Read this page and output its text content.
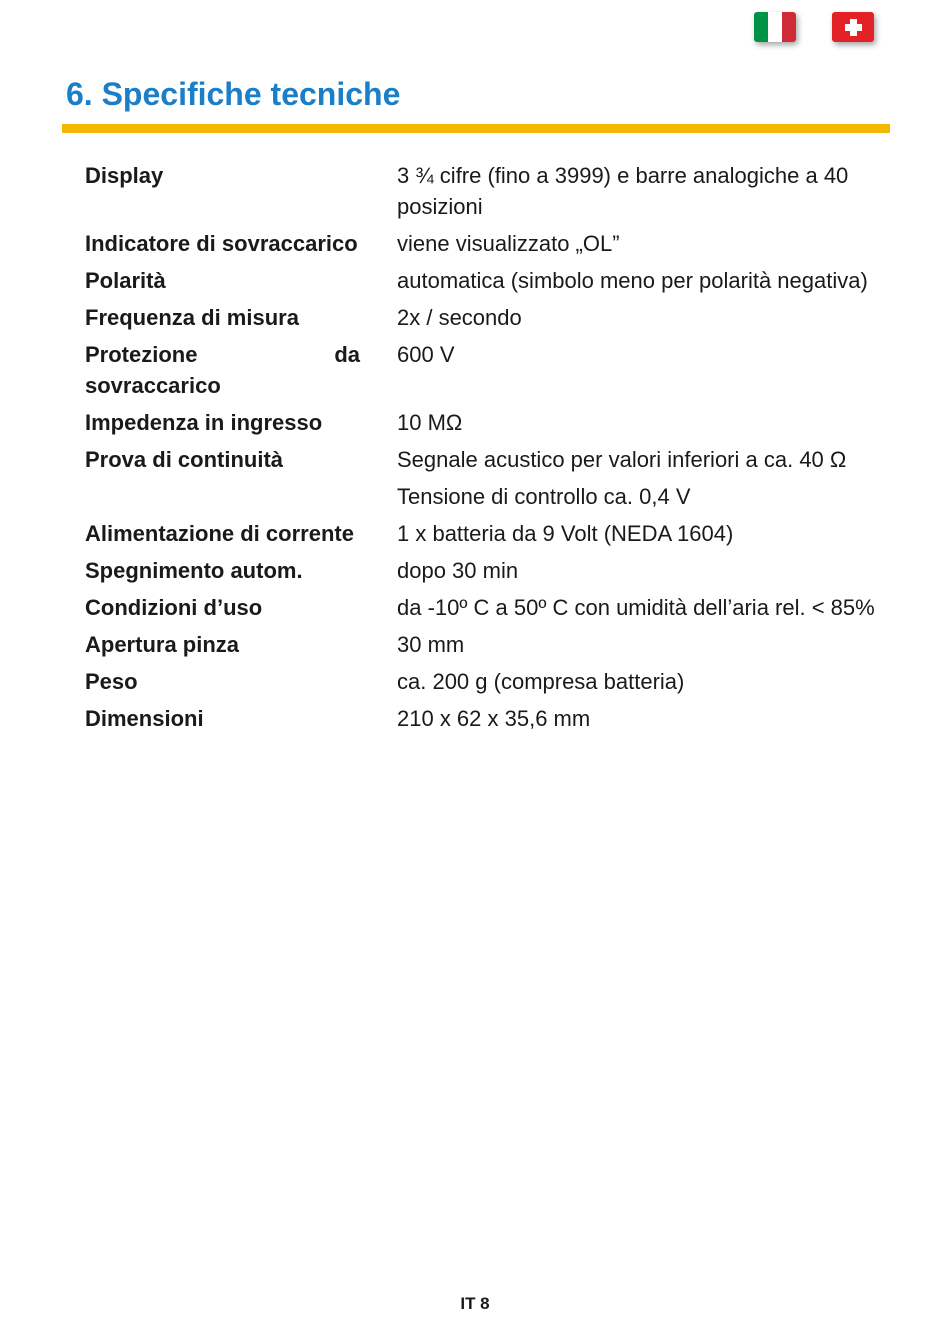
6. Specifiche tecniche
Display	3 ¾ cifre (fino a 3999) e barre analogiche a 40 posizioni
Indicatore di sovraccarico	viene visualizzato „OL”
Polarità	automatica (simbolo meno per polarità negativa)
Frequenza di misura	2x / secondo
Protezione da sovraccarico	600 V
Impedenza in ingresso	10 MΩ
Prova di continuità	Segnale acustico per valori inferiori a ca. 40 Ω
	Tensione di controllo ca. 0,4 V
Alimentazione di corrente	1 x batteria da 9 Volt (NEDA 1604)
Spegnimento autom.	dopo 30 min
Condizioni d’uso	da -10º C a 50º C con umidità dell’aria rel. < 85%
Apertura pinza	30 mm
Peso	ca. 200 g (compresa batteria)
Dimensioni	210 x 62 x 35,6 mm
IT 8
